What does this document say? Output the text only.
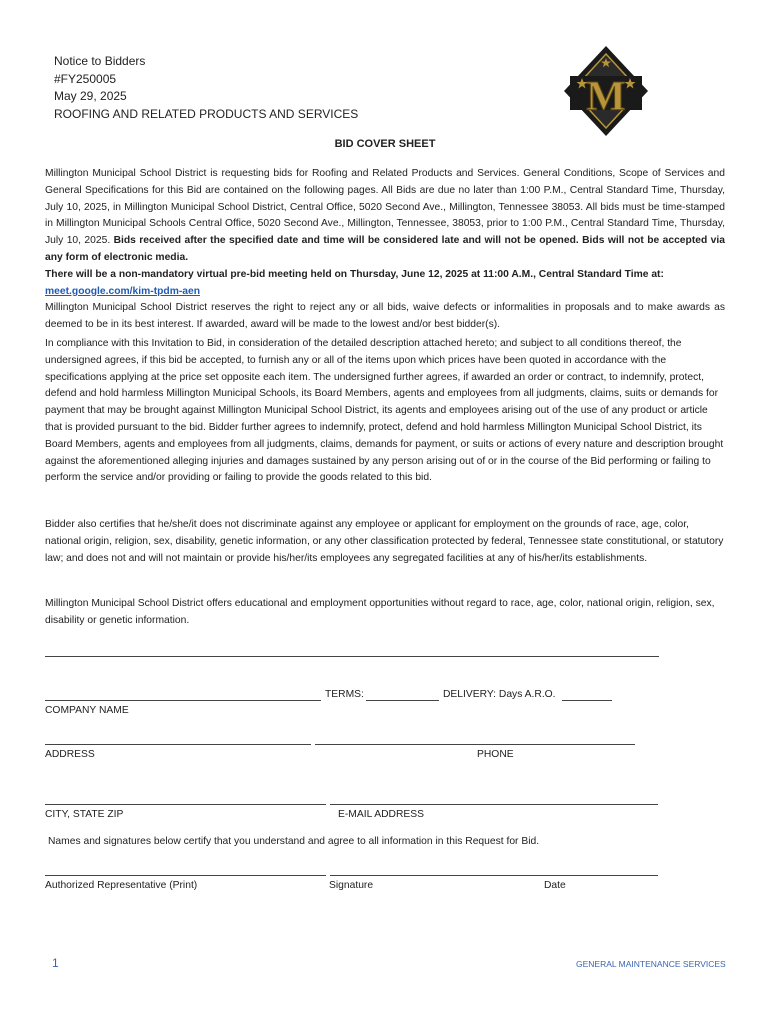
Notice to Bidders
#FY250005
May 29, 2025
ROOFING AND RELATED PRODUCTS AND SERVICES	M
BID COVER SHEET

Millington Municipal School District is requesting bids for Roofing and Related Products and Services. General Conditions, Scope of Services and General Specifications for this Bid are contained on the following pages. All Bids are due no later than 1:00 P.M., Central Standard Time, Thursday, July 10, 2025, in Millington Municipal School District, Central Office, 5020 Second Ave., Millington, Tennessee 38053. All bids must be time-stamped in Millington Municipal Schools Central Office, 5020 Second Ave., Millington, Tennessee, 38053, prior to 1:00 P.M., Central Standard Time, Thursday, July 10, 2025. Bids received after the specified date and time will be considered late and will not be opened. Bids will not be accepted via any form of electronic media.

There will be a non-mandatory virtual pre-bid meeting held on Thursday, June 12, 2025 at 11:00 A.M., Central Standard Time at:

meet.google.com/kim-tpdm-aen

Millington Municipal School District reserves the right to reject any or all bids, waive defects or informalities in proposals and to make awards as deemed to be in its best interest. If awarded, award will be made to the lowest and/or best bidder(s).

In compliance with this Invitation to Bid, in consideration of the detailed description attached hereto; and subject to all conditions thereof, the undersigned agrees, if this bid be accepted, to furnish any or all of the items upon which prices have been quoted in accordance with the specifications applying at the price set opposite each item. The undersigned further agrees, if awarded an order or contract, to indemnify, protect, defend and hold harmless Millington Municipal Schools, its Board Members, agents and employees from all judgments, claims, suits or demands for payment that may be brought against Millington Municipal School District, its agents and employees arising out of the use of any product or article that is provided pursuant to the bid. Bidder further agrees to indemnify, protect, defend and hold harmless Millington Municipal School District, its Board Members, agents and employees from all judgments, claims, demands for payment, or suits or actions of every nature and description brought against the aforementioned alleging injuries and damages sustained by any person arising out of or in the course of the Bid performing or failing to perform the service and/or providing or failing to provide the goods related to this bid.
Bidder also certifies that he/she/it does not discriminate against any employee or applicant for employment on the grounds of race, age, color, national origin, religion, sex, disability, genetic information, or any other classification protected by federal, Tennessee state constitutional, or statutory law; and does not and will not maintain or provide his/her/its employees any segregated facilities at any of his/her/its establishments.
Millington Municipal School District offers educational and employment opportunities without regard to race, age, color, national origin, religion, sex, disability or genetic information.
TERMS:	DELIVERY: Days A.R.O.
COMPANY NAME
ADDRESS	PHONE
CITY, STATE ZIP	E-MAIL ADDRESS
Names and signatures below certify that you understand and agree to all information in this Request for Bid.
Authorized Representative (Print)	Signature	Date
1	GENERAL MAINTENANCE SERVICES
